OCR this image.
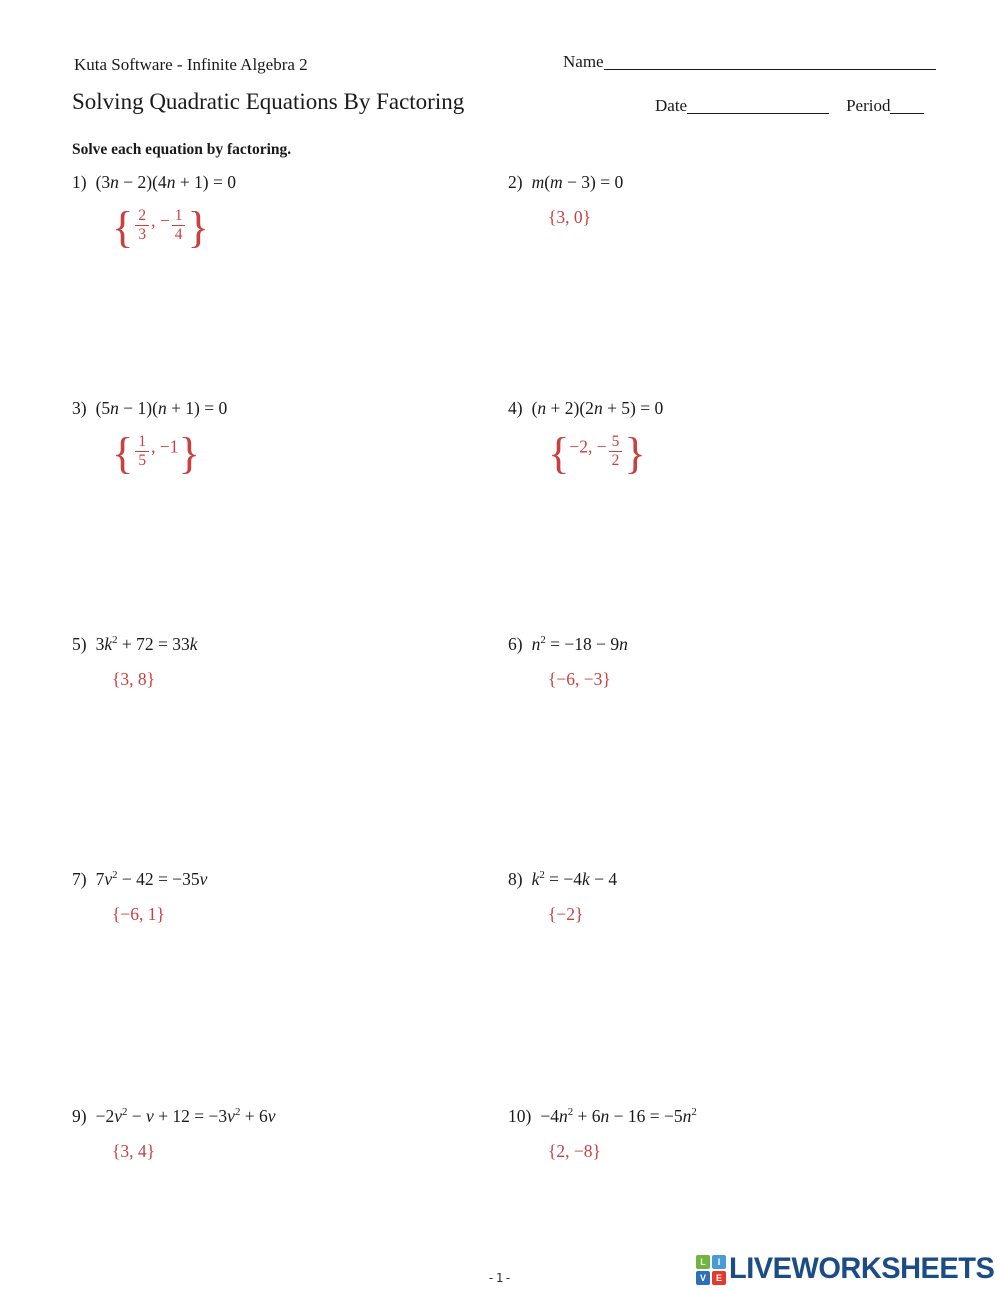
Kuta Software - Infinite Algebra 2	Name
Solving Quadratic Equations By Factoring	Date	Period
Solve each equation by factoring.
1) (3n − 2)(4n + 1) = 0
{ $\frac{2}{3}$ , − $\frac{1}{4}$ }
2) m(m − 3) = 0
{3, 0}
3) (5n − 1)(n + 1) = 0
{ $\frac{1}{5}$ , −1}
4) (n + 2)(2n + 5) = 0
{−2, − $\frac{5}{2}$ }
5) $3k^2 + 72 = 33k$
{3, 8}
6) $n^2 = -18 - 9n$
{−6, −3}
7) $7v^2 - 42 = -35v$
{−6, 1}
8) $k^2 = -4k - 4$
{−2}
$9) -2v^2 - v + 12 = -3v^2 + 6v$
{3, 4}
$10) -4n^2 + 6n - 16 = -5n^2$
{2, −8}
-1-
L	I
V	E LIVEWORKSHEETS
